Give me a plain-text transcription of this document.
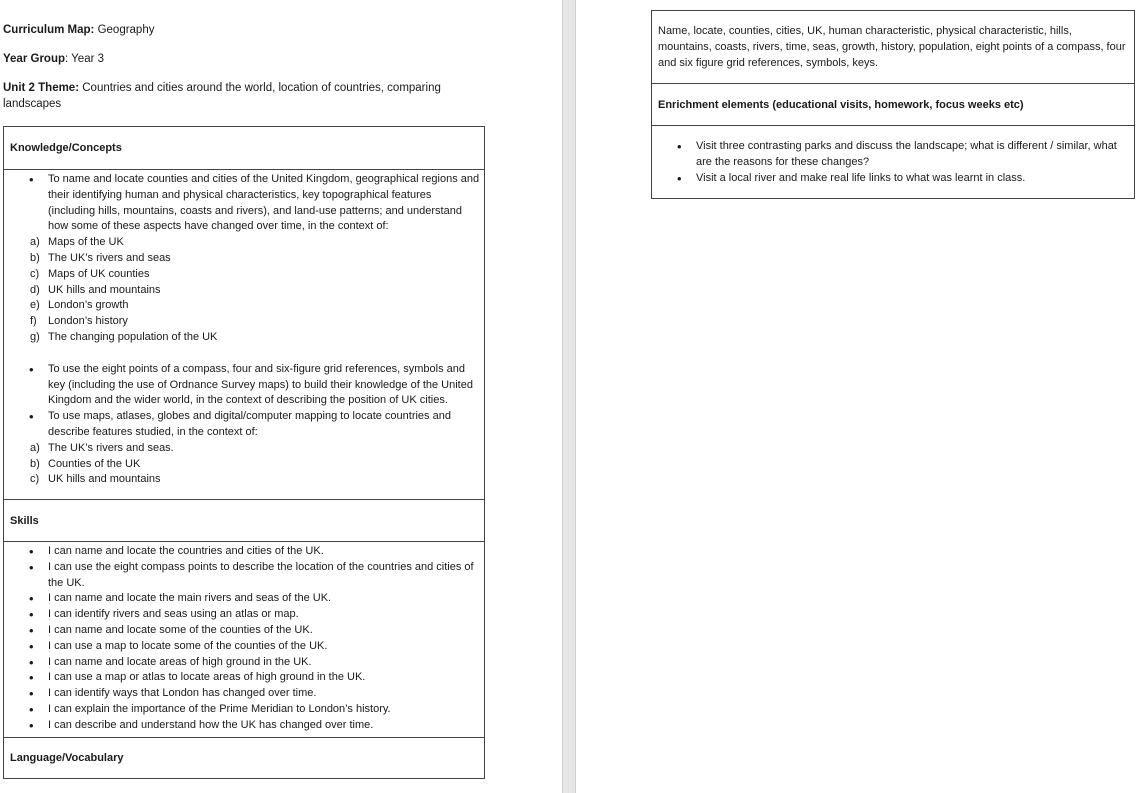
Curriculum Map: Geography
Year Group: Year 3
Unit 2 Theme: Countries and cities around the world, location of countries, comparing landscapes
Knowledge/Concepts
• To name and locate counties and cities of the United Kingdom, geographical regions and their identifying human and physical characteristics, key topographical features (including hills, mountains, coasts and rivers), and land-use patterns; and understand how some of these aspects have changed over time, in the context of:
a) Maps of the UK
b) The UK’s rivers and seas
c) Maps of UK counties
d) UK hills and mountains
e) London’s growth
f) London’s history
g) The changing population of the UK
• To use the eight points of a compass, four and six-figure grid references, symbols and key (including the use of Ordnance Survey maps) to build their knowledge of the United Kingdom and the wider world, in the context of describing the position of UK cities.
• To use maps, atlases, globes and digital/computer mapping to locate countries and describe features studied, in the context of:
a) The UK’s rivers and seas.
b) Counties of the UK
c) UK hills and mountains
Skills
• I can name and locate the countries and cities of the UK.
• I can use the eight compass points to describe the location of the countries and cities of the UK.
• I can name and locate the main rivers and seas of the UK.
• I can identify rivers and seas using an atlas or map.
• I can name and locate some of the counties of the UK.
• I can use a map to locate some of the counties of the UK.
• I can name and locate areas of high ground in the UK.
• I can use a map or atlas to locate areas of high ground in the UK.
• I can identify ways that London has changed over time.
• I can explain the importance of the Prime Meridian to London’s history.
• I can describe and understand how the UK has changed over time.
Language/Vocabulary
Name, locate, counties, cities, UK, human characteristic, physical characteristic, hills, mountains, coasts, rivers, time, seas, growth, history, population, eight points of a compass, four and six figure grid references, symbols, keys.
Enrichment elements (educational visits, homework, focus weeks etc)
• Visit three contrasting parks and discuss the landscape; what is different / similar, what are the reasons for these changes?
• Visit a local river and make real life links to what was learnt in class.
